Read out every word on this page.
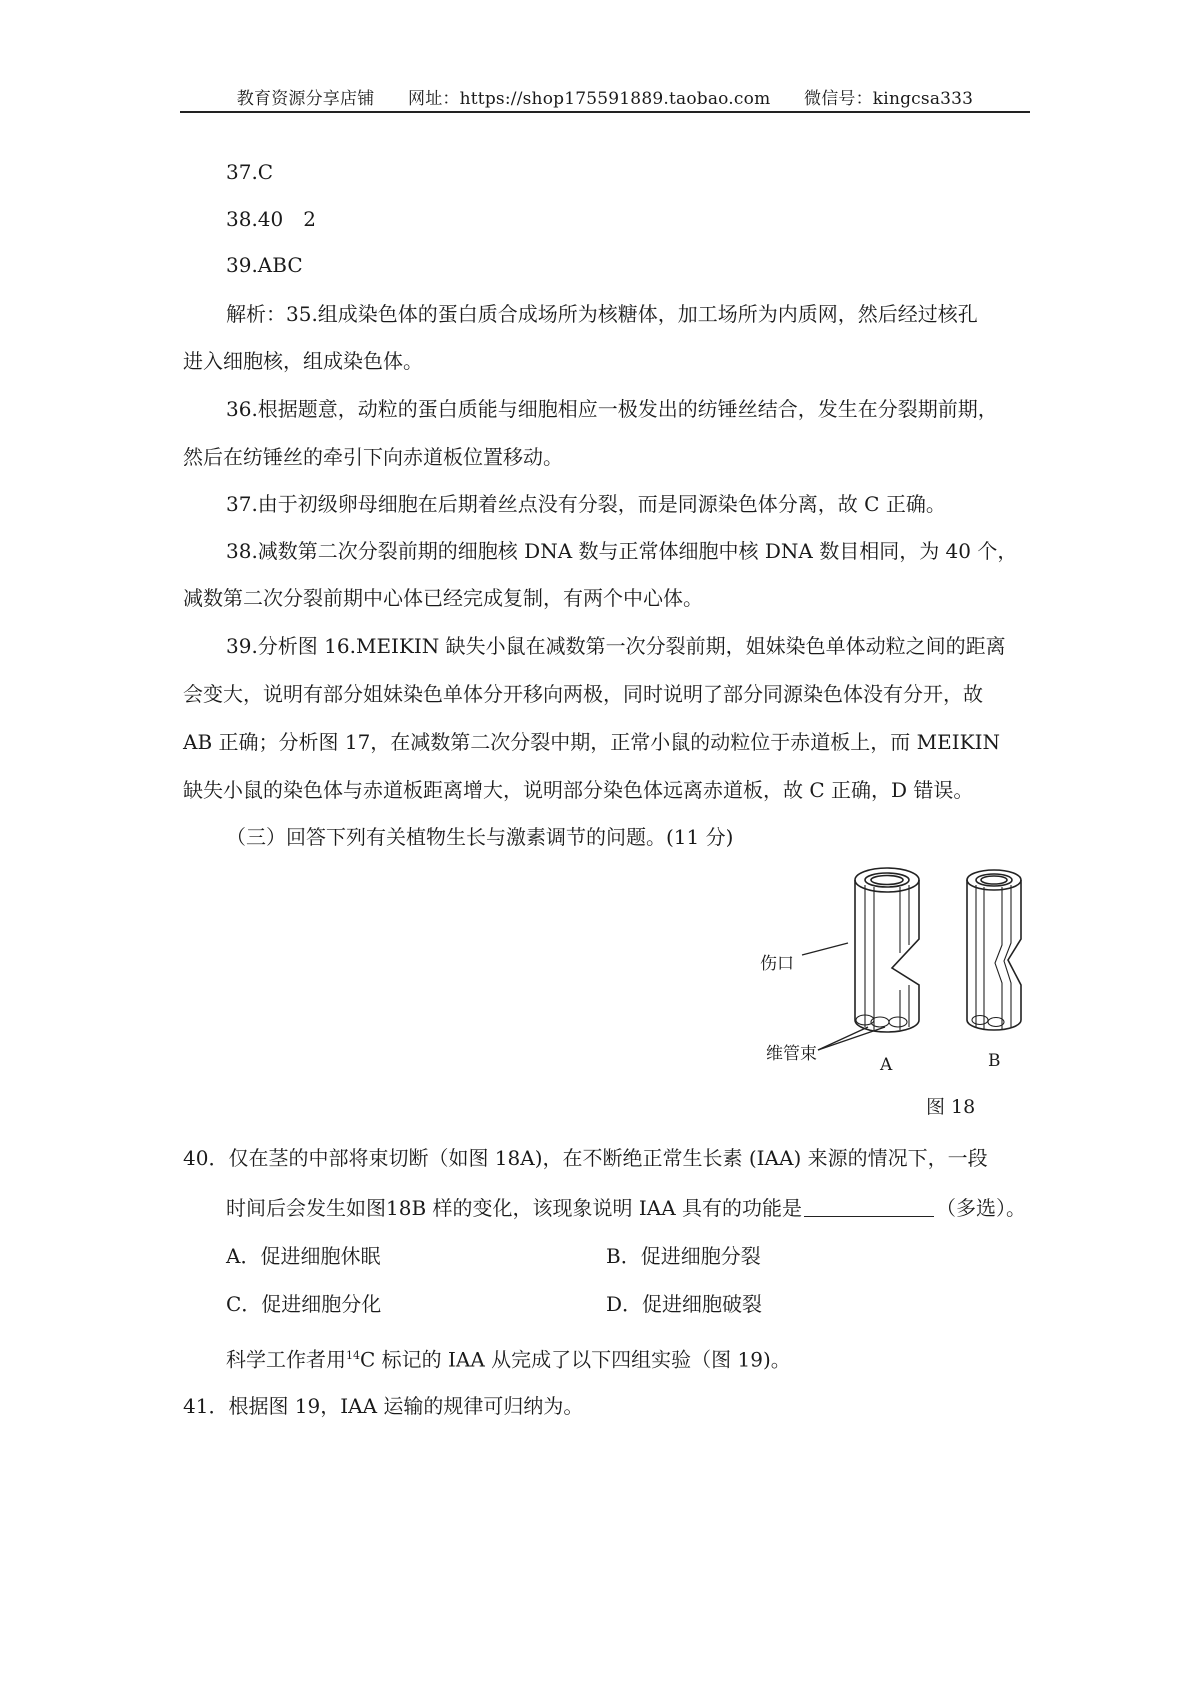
教育资源分享店铺 网址：https://shop175591889.taobao.com 微信号：kingcsa333
37.C
38.40　2
39.ABC
解析：35.组成染色体的蛋白质合成场所为核糖体，加工场所为内质网，然后经过核孔
进入细胞核，组成染色体。
36.根据题意，动粒的蛋白质能与细胞相应一极发出的纺锤丝结合，发生在分裂期前期，
然后在纺锤丝的牵引下向赤道板位置移动。
37.由于初级卵母细胞在后期着丝点没有分裂，而是同源染色体分离，故 C 正确。
38.减数第二次分裂前期的细胞核 DNA 数与正常体细胞中核 DNA 数目相同，为 40 个，
减数第二次分裂前期中心体已经完成复制，有两个中心体。
39.分析图 16.MEIKIN 缺失小鼠在减数第一次分裂前期，姐妹染色单体动粒之间的距离
会变大，说明有部分姐妹染色单体分开移向两极，同时说明了部分同源染色体没有分开，故
AB 正确；分析图 17，在减数第二次分裂中期，正常小鼠的动粒位于赤道板上，而 MEIKIN
缺失小鼠的染色体与赤道板距离增大，说明部分染色体远离赤道板，故 C 正确，D 错误。
（三）回答下列有关植物生长与激素调节的问题。(11 分)
伤口
维管束
A	B
图 18
40．仅在茎的中部将束切断（如图 18A)，在不断绝正常生长素 (IAA) 来源的情况下，一段
时间后会发生如图18B 样的变化，该现象说明 IAA 具有的功能是	（多选）。
A．促进细胞休眠	B．促进细胞分裂
C．促进细胞分化	D．促进细胞破裂
科学工作者用$^{14}$C 标记的 IAA 从完成了以下四组实验（图 19)。
41．根据图 19，IAA 运输的规律可归纳为。
